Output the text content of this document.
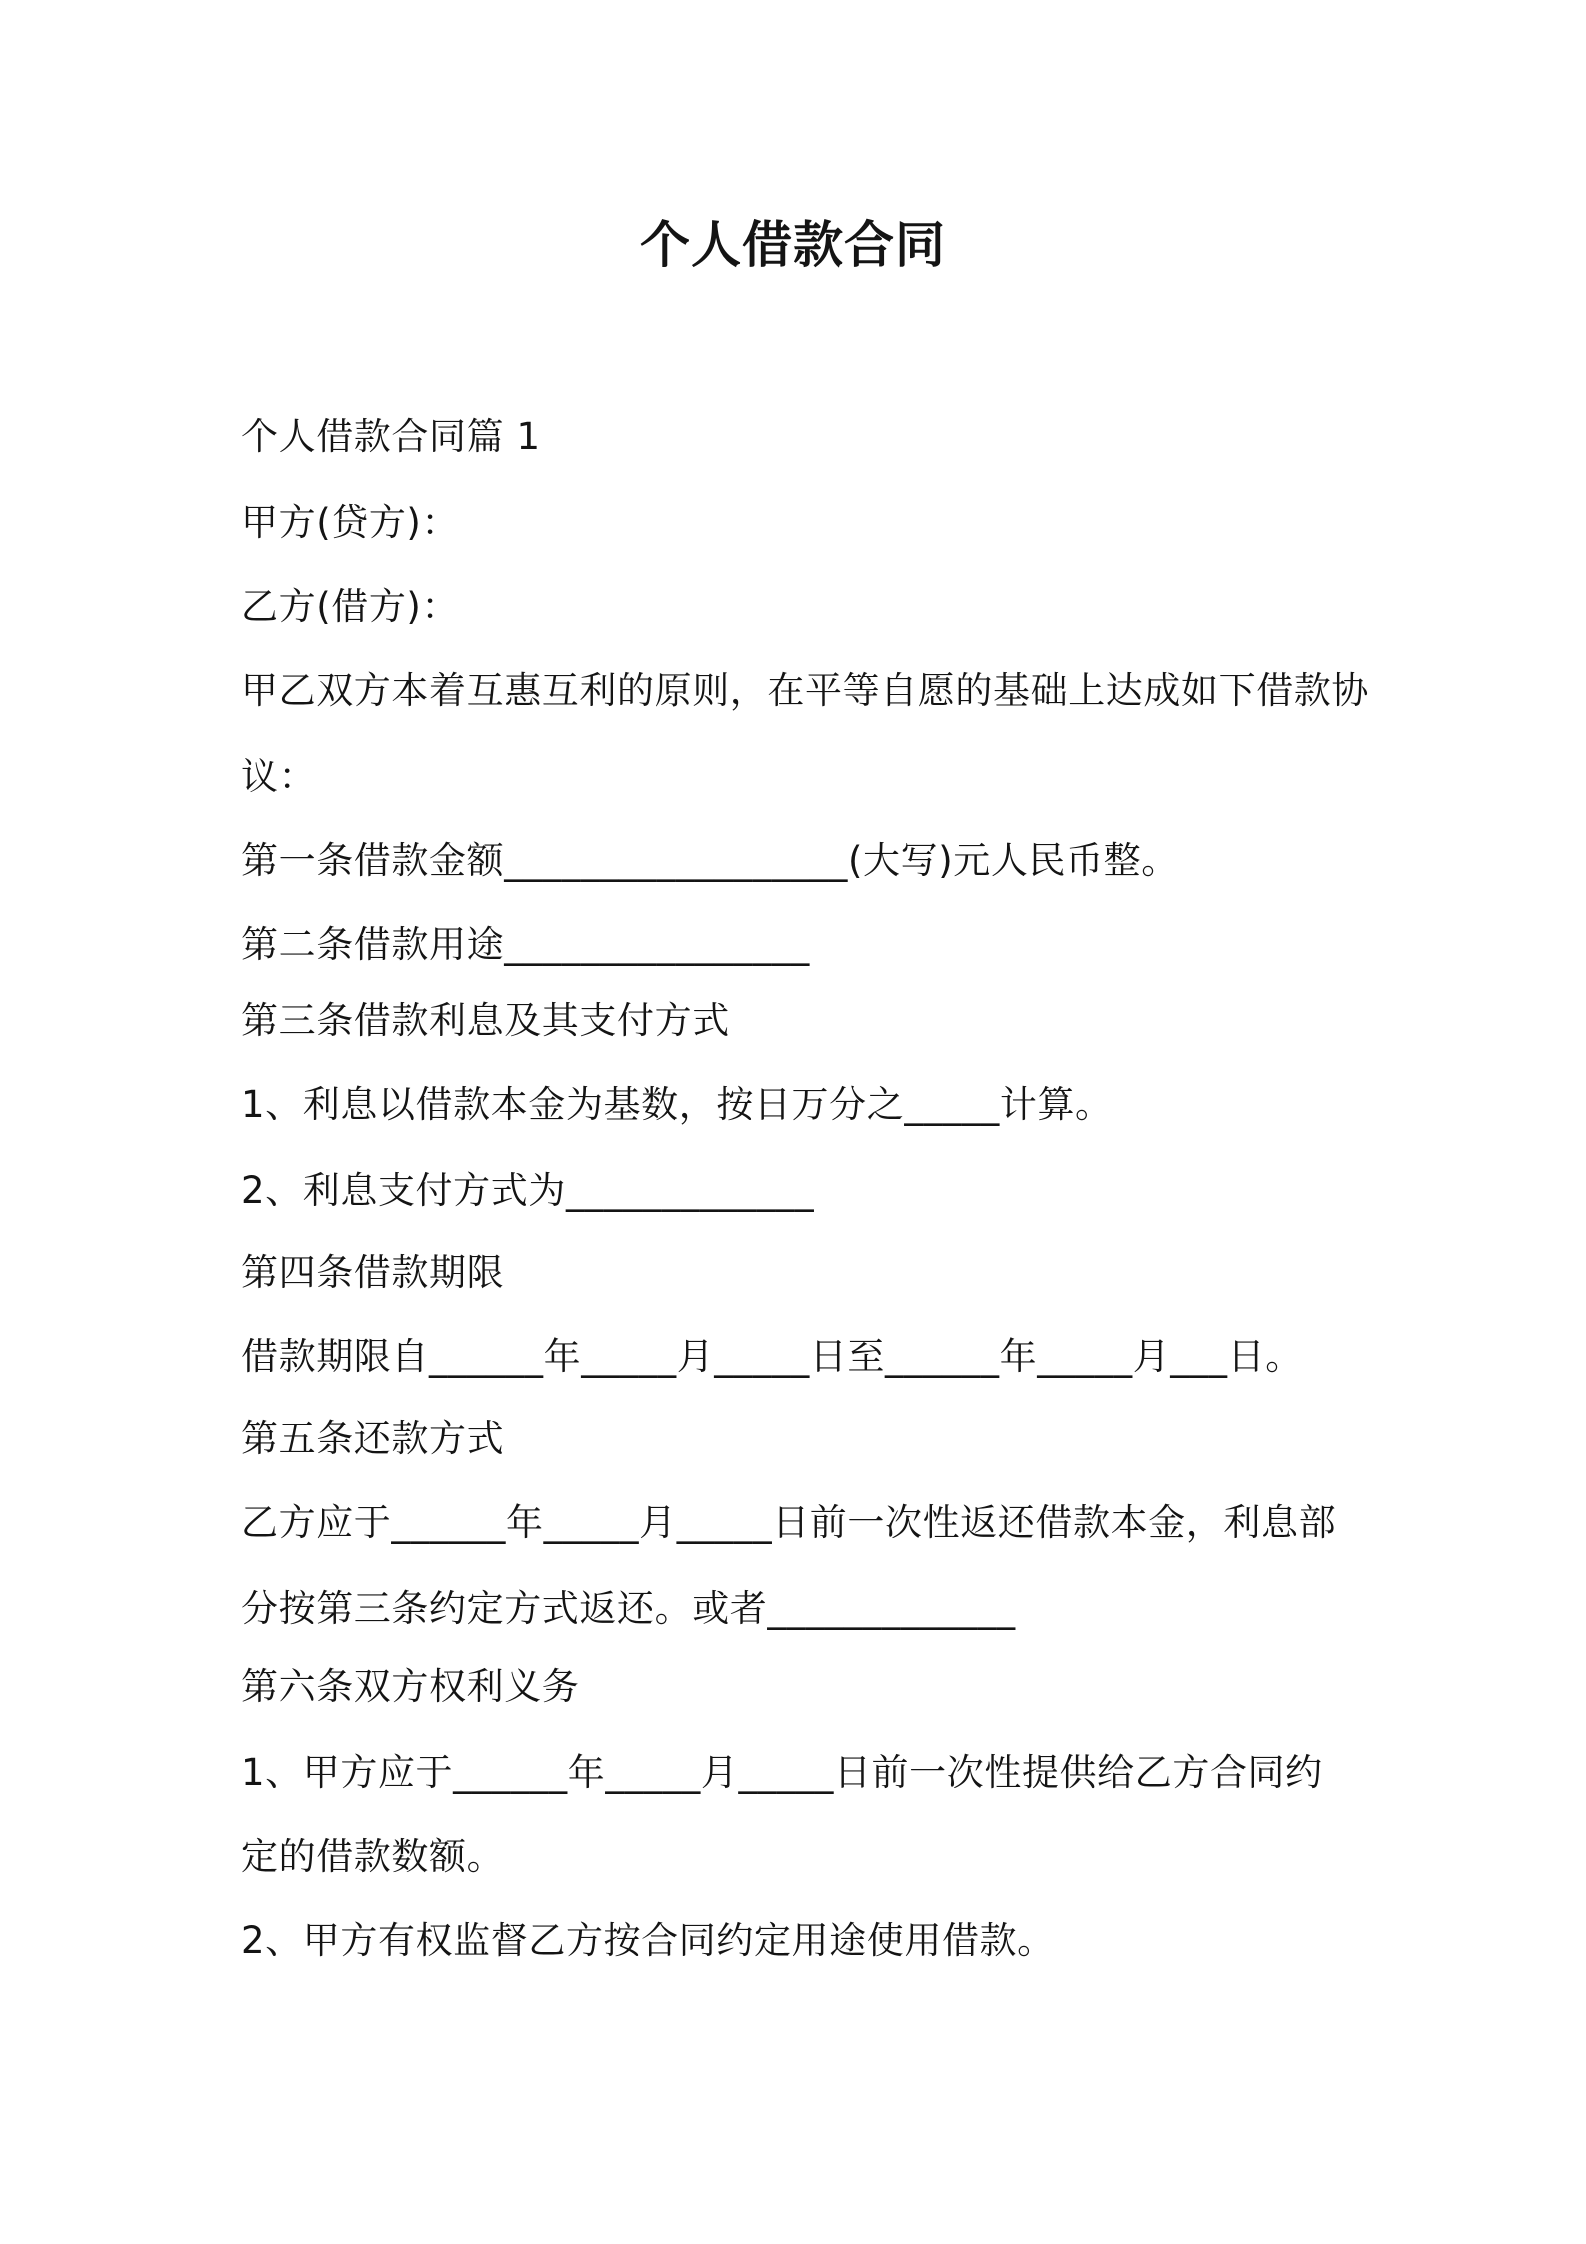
个人借款合同
个人借款合同篇 1
甲方(贷方)：
乙方(借方)：
甲乙双方本着互惠互利的原则，在平等自愿的基础上达成如下借款协
议：
第一条借款金额__________________(大写)元人民币整。
第二条借款用途________________
第三条借款利息及其支付方式
1、利息以借款本金为基数，按日万分之_____计算。
2、利息支付方式为_____________
第四条借款期限
借款期限自______年_____月_____日至______年_____月___日。
第五条还款方式
乙方应于______年_____月_____日前一次性返还借款本金，利息部
分按第三条约定方式返还。或者_____________
第六条双方权利义务
1、甲方应于______年_____月_____日前一次性提供给乙方合同约
定的借款数额。
2、甲方有权监督乙方按合同约定用途使用借款。
